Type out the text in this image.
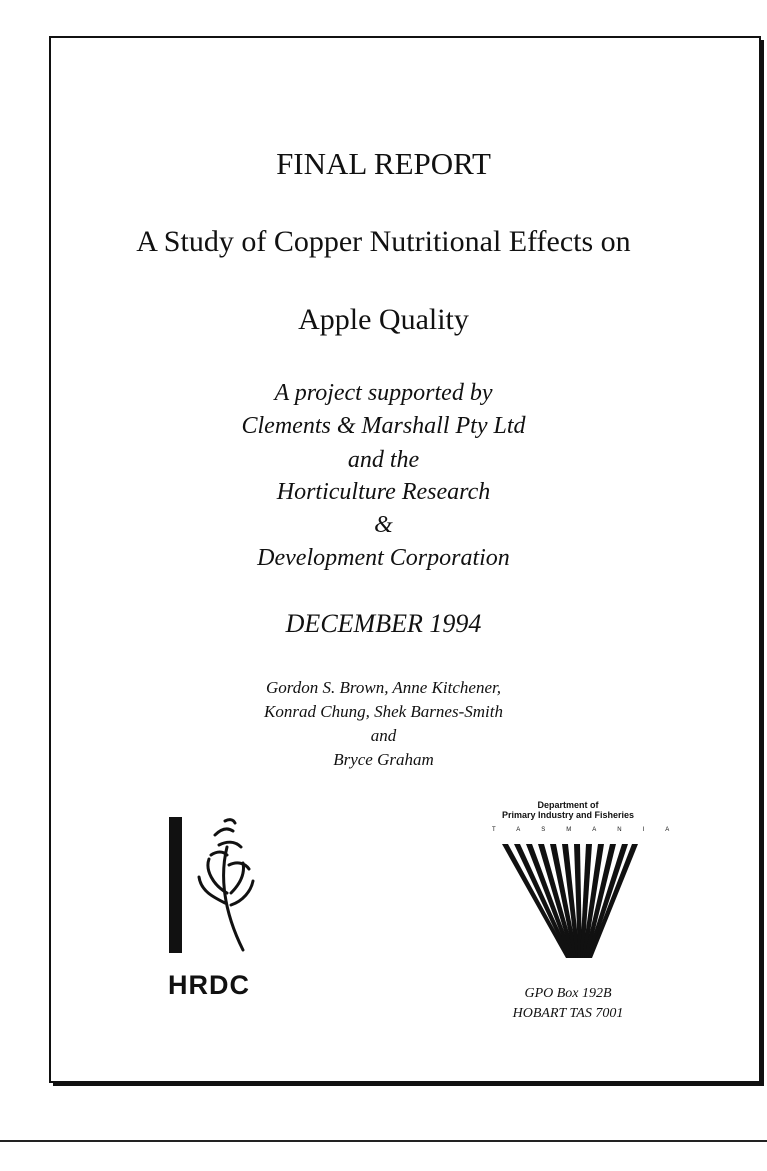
FINAL REPORT
A Study of Copper Nutritional Effects on
Apple Quality
A project supported by
Clements & Marshall Pty Ltd
and the
Horticulture Research
&
Development Corporation
DECEMBER 1994
Gordon S. Brown, Anne Kitchener,
Konrad Chung, Shek Barnes-Smith
and
Bryce Graham
HRDC
Department of
Primary Industry and Fisheries
TASMANIA
GPO Box 192B
HOBART TAS 7001
